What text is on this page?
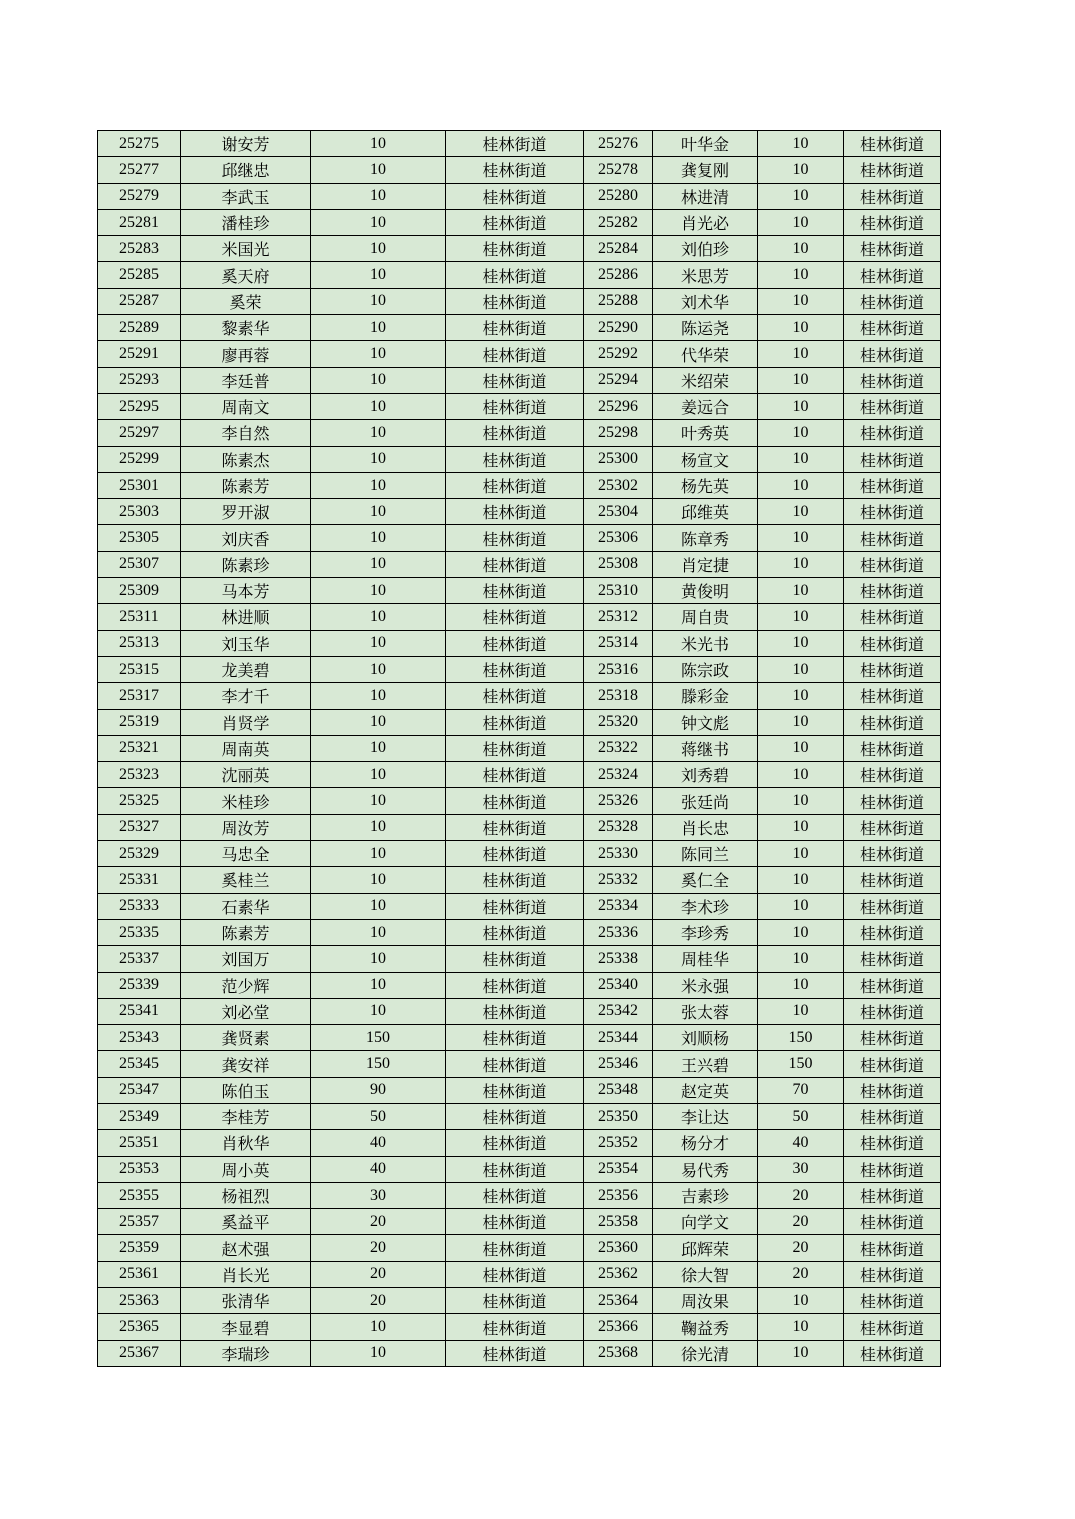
25275	谢安芳	10	桂林街道	25276	叶华金	10	桂林街道
25277	邱继忠	10	桂林街道	25278	龚复刚	10	桂林街道
25279	李武玉	10	桂林街道	25280	林进清	10	桂林街道
25281	潘桂珍	10	桂林街道	25282	肖光必	10	桂林街道
25283	米国光	10	桂林街道	25284	刘伯珍	10	桂林街道
25285	奚天府	10	桂林街道	25286	米思芳	10	桂林街道
25287	奚荣	10	桂林街道	25288	刘术华	10	桂林街道
25289	黎素华	10	桂林街道	25290	陈运尧	10	桂林街道
25291	廖再蓉	10	桂林街道	25292	代华荣	10	桂林街道
25293	李廷普	10	桂林街道	25294	米绍荣	10	桂林街道
25295	周南文	10	桂林街道	25296	姜远合	10	桂林街道
25297	李自然	10	桂林街道	25298	叶秀英	10	桂林街道
25299	陈素杰	10	桂林街道	25300	杨宣文	10	桂林街道
25301	陈素芳	10	桂林街道	25302	杨先英	10	桂林街道
25303	罗开淑	10	桂林街道	25304	邱维英	10	桂林街道
25305	刘庆香	10	桂林街道	25306	陈章秀	10	桂林街道
25307	陈素珍	10	桂林街道	25308	肖定捷	10	桂林街道
25309	马本芳	10	桂林街道	25310	黄俊明	10	桂林街道
25311	林进顺	10	桂林街道	25312	周自贵	10	桂林街道
25313	刘玉华	10	桂林街道	25314	米光书	10	桂林街道
25315	龙美碧	10	桂林街道	25316	陈宗政	10	桂林街道
25317	李才千	10	桂林街道	25318	滕彩金	10	桂林街道
25319	肖贤学	10	桂林街道	25320	钟文彪	10	桂林街道
25321	周南英	10	桂林街道	25322	蒋继书	10	桂林街道
25323	沈丽英	10	桂林街道	25324	刘秀碧	10	桂林街道
25325	米桂珍	10	桂林街道	25326	张廷尚	10	桂林街道
25327	周汝芳	10	桂林街道	25328	肖长忠	10	桂林街道
25329	马忠全	10	桂林街道	25330	陈同兰	10	桂林街道
25331	奚桂兰	10	桂林街道	25332	奚仁全	10	桂林街道
25333	石素华	10	桂林街道	25334	李术珍	10	桂林街道
25335	陈素芳	10	桂林街道	25336	李珍秀	10	桂林街道
25337	刘国万	10	桂林街道	25338	周桂华	10	桂林街道
25339	范少辉	10	桂林街道	25340	米永强	10	桂林街道
25341	刘必堂	10	桂林街道	25342	张太蓉	10	桂林街道
25343	龚贤素	150	桂林街道	25344	刘顺杨	150	桂林街道
25345	龚安祥	150	桂林街道	25346	王兴碧	150	桂林街道
25347	陈伯玉	90	桂林街道	25348	赵定英	70	桂林街道
25349	李桂芳	50	桂林街道	25350	李让达	50	桂林街道
25351	肖秋华	40	桂林街道	25352	杨分才	40	桂林街道
25353	周小英	40	桂林街道	25354	易代秀	30	桂林街道
25355	杨祖烈	30	桂林街道	25356	吉素珍	20	桂林街道
25357	奚益平	20	桂林街道	25358	向学文	20	桂林街道
25359	赵术强	20	桂林街道	25360	邱辉荣	20	桂林街道
25361	肖长光	20	桂林街道	25362	徐大智	20	桂林街道
25363	张清华	20	桂林街道	25364	周汝果	10	桂林街道
25365	李显碧	10	桂林街道	25366	鞠益秀	10	桂林街道
25367	李瑞珍	10	桂林街道	25368	徐光清	10	桂林街道
